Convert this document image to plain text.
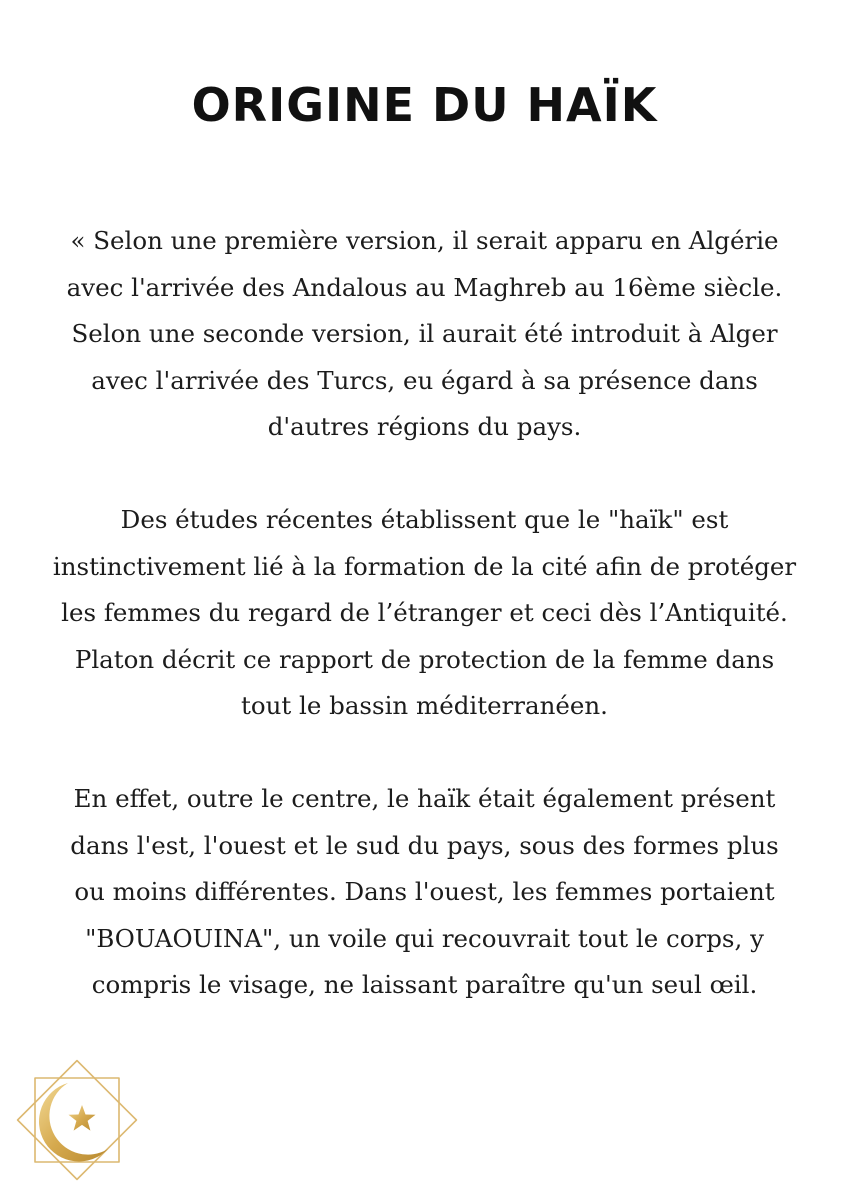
ORIGINE DU HAÏK

« Selon une première version, il serait apparu en Algérie avec l'arrivée des Andalous au Maghreb au 16ème siècle. Selon une seconde version, il aurait été introduit à Alger avec l'arrivée des Turcs, eu égard à sa présence dans d'autres régions du pays.

Des études récentes établissent que le "haïk" est instinctivement lié à la formation de la cité afin de protéger les femmes du regard de l’étranger et ceci dès l’Antiquité. Platon décrit ce rapport de protection de la femme dans tout le bassin méditerranéen.

En effet, outre le centre, le haïk était également présent dans l'est, l'ouest et le sud du pays, sous des formes plus ou moins différentes. Dans l'ouest, les femmes portaient "BOUAOUINA", un voile qui recouvrait tout le corps, y compris le visage, ne laissant paraître qu'un seul œil.
